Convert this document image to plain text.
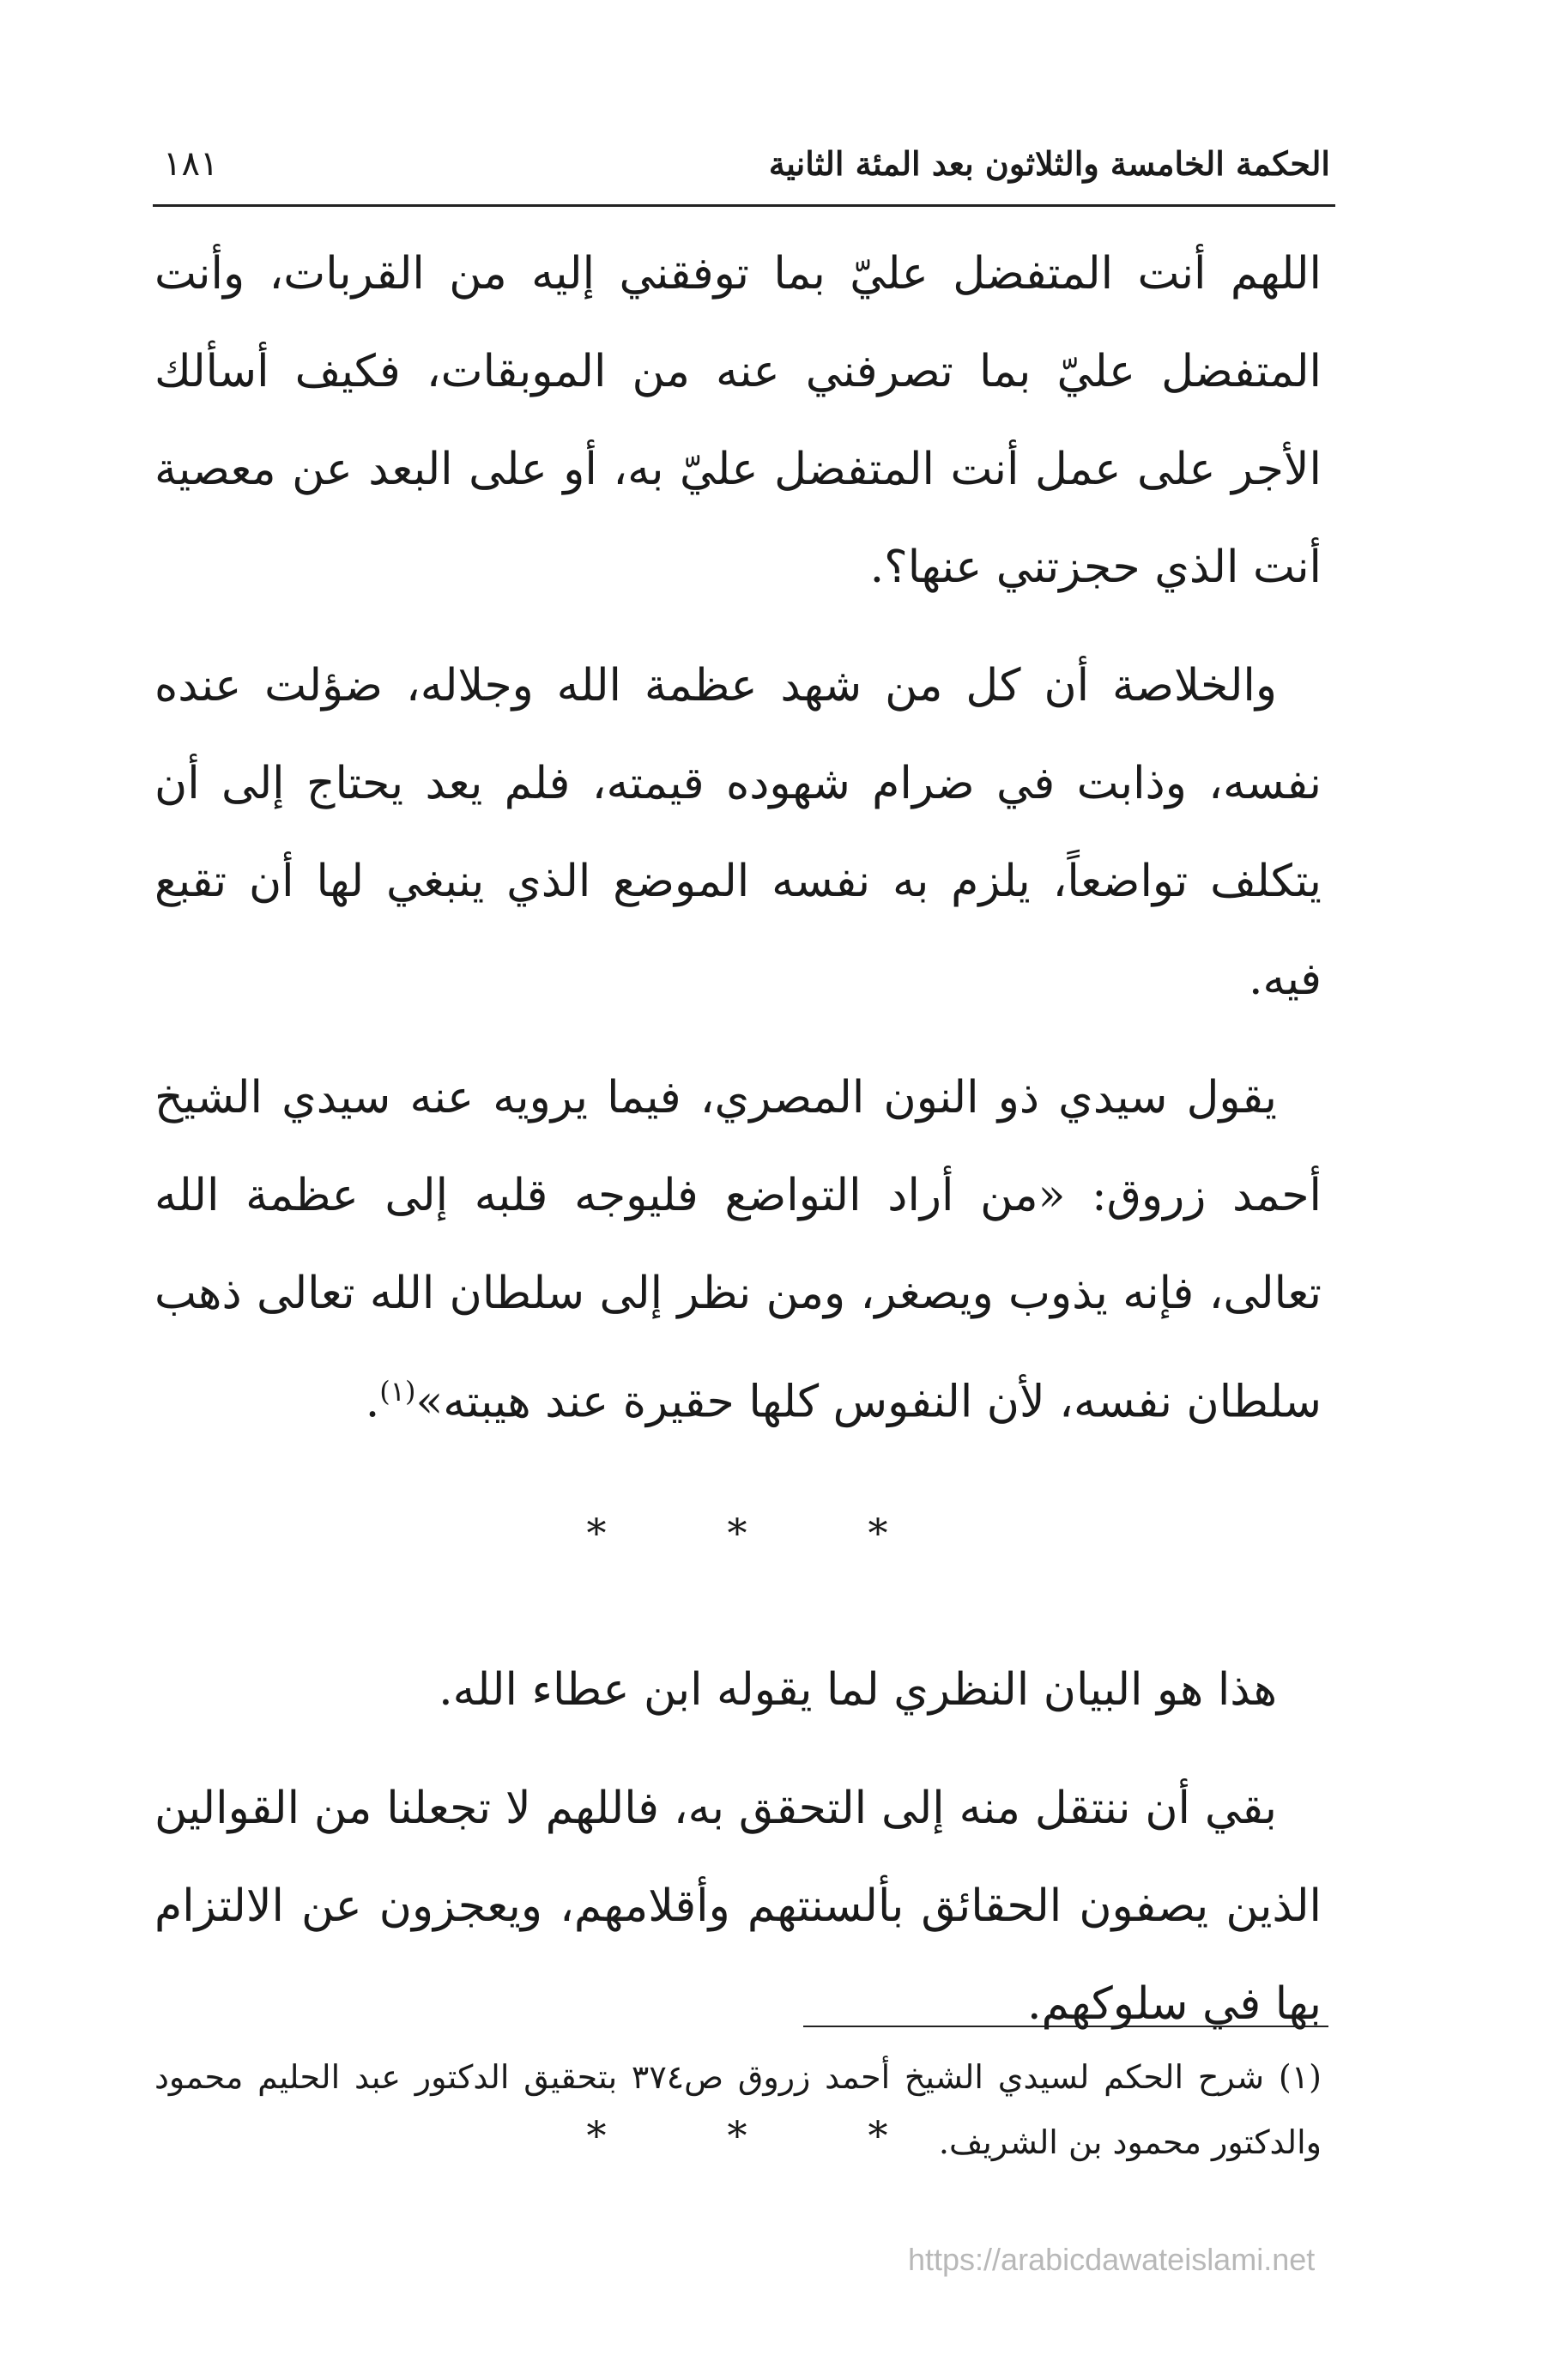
الحكمة الخامسة والثلاثون بعد المئة الثانية
١٨١

اللهم أنت المتفضل عليّ بما توفقني إليه من القربات، وأنت المتفضل عليّ بما تصرفني عنه من الموبقات، فكيف أسألك الأجر على عمل أنت المتفضل عليّ به، أو على البعد عن معصية أنت الذي حجزتني عنها؟.

والخلاصة أن كل من شهد عظمة الله وجلاله، ضؤلت عنده نفسه، وذابت في ضرام شهوده قيمته، فلم يعد يحتاج إلى أن يتكلف تواضعاً، يلزم به نفسه الموضع الذي ينبغي لها أن تقبع فيه.

يقول سيدي ذو النون المصري، فيما يرويه عنه سيدي الشيخ أحمد زروق: «من أراد التواضع فليوجه قلبه إلى عظمة الله تعالى، فإنه يذوب ويصغر، ومن نظر إلى سلطان الله تعالى ذهب سلطان نفسه، لأن النفوس كلها حقيرة عند هيبته»$^{(١)}$.

*	*	*

هذا هو البيان النظري لما يقوله ابن عطاء الله.

بقي أن ننتقل منه إلى التحقق به، فاللهم لا تجعلنا من القوالين الذين يصفون الحقائق بألسنتهم وأقلامهم، ويعجزون عن الالتزام بها في سلوكهم.

*	*	*

(١) شرح الحكم لسيدي الشيخ أحمد زروق ص٣٧٤ بتحقيق الدكتور عبد الحليم محمود والدكتور محمود بن الشريف.

https://arabicdawateislami.net
